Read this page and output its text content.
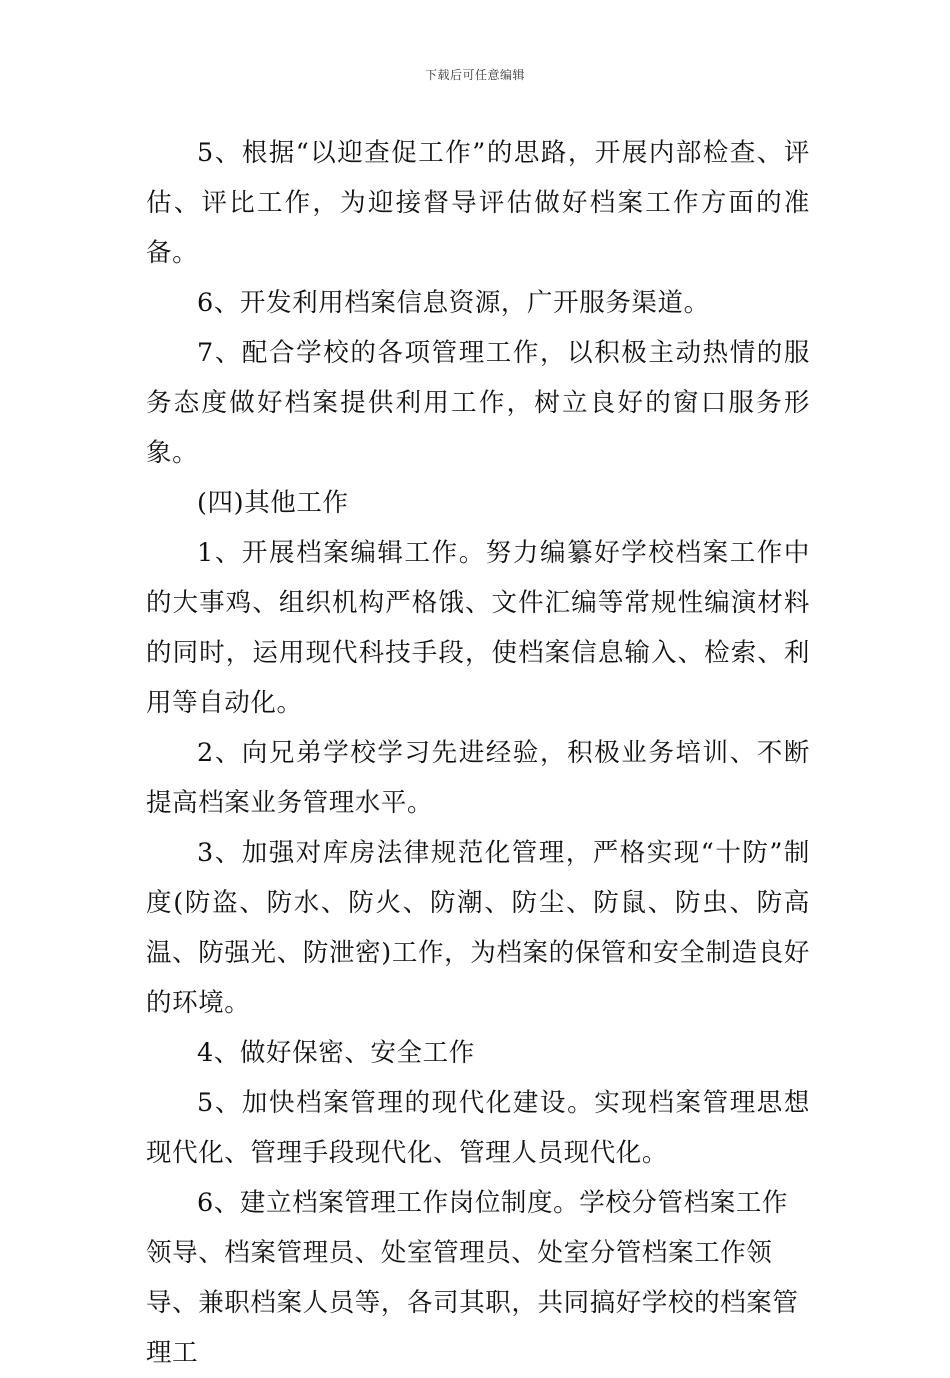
下载后可任意编辑

5、根据“以迎查促工作”的思路，开展内部检查、评估、评比工作，为迎接督导评估做好档案工作方面的准备。

6、开发利用档案信息资源，广开服务渠道。

7、配合学校的各项管理工作，以积极主动热情的服务态度做好档案提供利用工作，树立良好的窗口服务形象。

(四)其他工作

1、开展档案编辑工作。努力编纂好学校档案工作中的大事鸡、组织机构严格饿、文件汇编等常规性编演材料的同时，运用现代科技手段，使档案信息输入、检索、利用等自动化。

2、向兄弟学校学习先进经验，积极业务培训、不断提高档案业务管理水平。

3、加强对库房法律规范化管理，严格实现“十防”制度(防盗、防水、防火、防潮、防尘、防鼠、防虫、防高温、防强光、防泄密)工作，为档案的保管和安全制造良好的环境。

4、做好保密、安全工作

5、加快档案管理的现代化建设。实现档案管理思想现代化、管理手段现代化、管理人员现代化。

6、建立档案管理工作岗位制度。学校分管档案工作领导、档案管理员、处室管理员、处室分管档案工作领导、兼职档案人员等，各司其职，共同搞好学校的档案管理工
